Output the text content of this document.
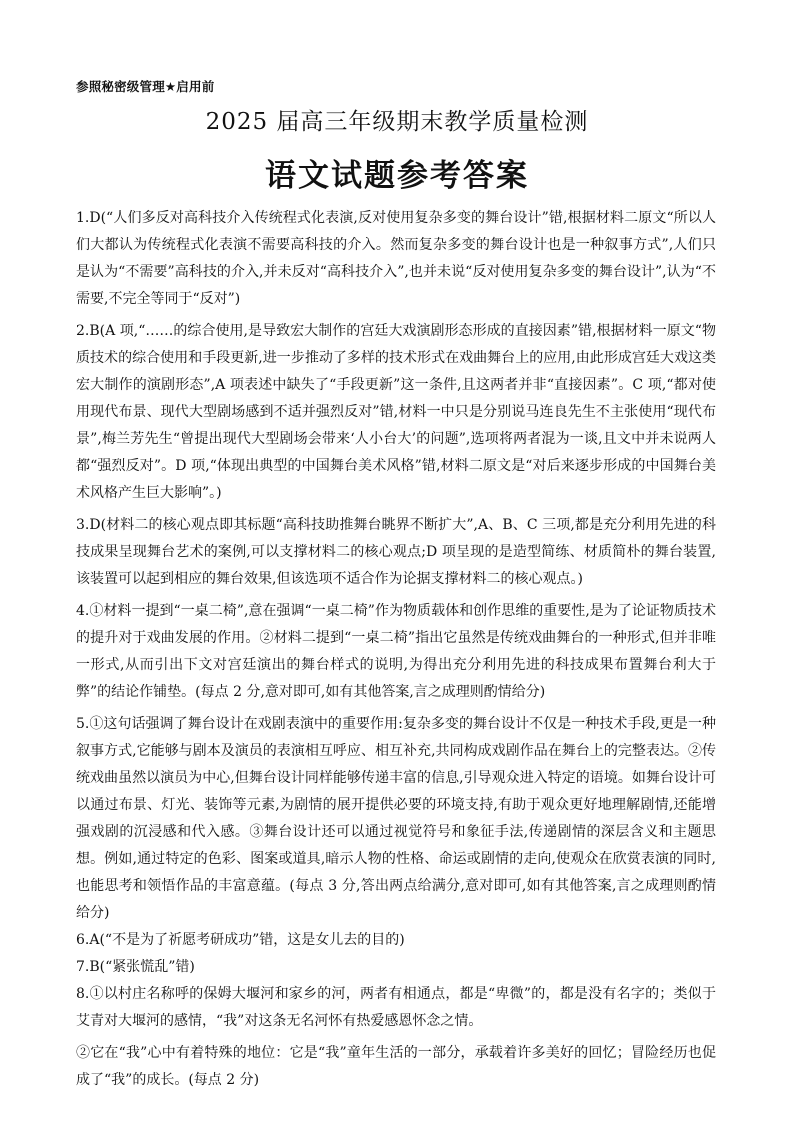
参照秘密级管理★启用前
2025 届高三年级期末教学质量检测
语文试题参考答案

1.D(“人们多反对高科技介入传统程式化表演,反对使用复杂多变的舞台设计”错,根据材料二原文“所以人们大都认为传统程式化表演不需要高科技的介入。然而复杂多变的舞台设计也是一种叙事方式”,人们只是认为“不需要”高科技的介入,并未反对“高科技介入”,也并未说“反对使用复杂多变的舞台设计”,认为“不需要,不完全等同于“反对”)

2.B(A 项,“……的综合使用,是导致宏大制作的宫廷大戏演剧形态形成的直接因素”错,根据材料一原文“物质技术的综合使用和手段更新,进一步推动了多样的技术形式在戏曲舞台上的应用,由此形成宫廷大戏这类宏大制作的演剧形态”,A 项表述中缺失了“手段更新”这一条件,且这两者并非“直接因素”。C 项,“都对使用现代布景、现代大型剧场感到不适并强烈反对”错,材料一中只是分别说马连良先生不主张使用“现代布景”,梅兰芳先生“曾提出现代大型剧场会带来‘人小台大’的问题”,选项将两者混为一谈,且文中并未说两人都“强烈反对”。D 项,“体现出典型的中国舞台美术风格”错,材料二原文是“对后来逐步形成的中国舞台美术风格产生巨大影响”。)

3.D(材料二的核心观点即其标题“高科技助推舞台眺界不断扩大”,A、B、C 三项,都是充分利用先进的科技成果呈现舞台艺术的案例,可以支撑材料二的核心观点;D 项呈现的是造型简练、材质简朴的舞台装置,该装置可以起到相应的舞台效果,但该选项不适合作为论据支撑材料二的核心观点。)

4.①材料一提到“一桌二椅”,意在强调“一桌二椅”作为物质载体和创作思维的重要性,是为了论证物质技术的提升对于戏曲发展的作用。②材料二提到“一桌二椅”指出它虽然是传统戏曲舞台的一种形式,但并非唯一形式,从而引出下文对宫廷演出的舞台样式的说明,为得出充分利用先进的科技成果布置舞台利大于弊”的结论作铺垫。(每点 2 分,意对即可,如有其他答案,言之成理则酌情给分)

5.①这句话强调了舞台设计在戏剧表演中的重要作用:复杂多变的舞台设计不仅是一种技术手段,更是一种叙事方式,它能够与剧本及演员的表演相互呼应、相互补充,共同构成戏剧作品在舞台上的完整表达。②传统戏曲虽然以演员为中心,但舞台设计同样能够传递丰富的信息,引导观众进入特定的语境。如舞台设计可以通过布景、灯光、装饰等元素,为剧情的展开提供必要的环境支持,有助于观众更好地理解剧情,还能增强戏剧的沉浸感和代入感。③舞台设计还可以通过视觉符号和象征手法,传递剧情的深层含义和主题思想。例如,通过特定的色彩、图案或道具,暗示人物的性格、命运或剧情的走向,使观众在欣赏表演的同时,也能思考和领悟作品的丰富意蕴。(每点 3 分,答出两点给满分,意对即可,如有其他答案,言之成理则酌情给分)

6.A(“不是为了祈愿考研成功”错，这是女儿去的目的)

7.B(“紧张慌乱”错)

8.①以村庄名称呼的保姆大堰河和家乡的河，两者有相通点，都是“卑微”的，都是没有名字的；类似于艾青对大堰河的感情，“我”对这条无名河怀有热爱感恩怀念之情。

②它在“我”心中有着特殊的地位：它是“我”童年生活的一部分，承载着许多美好的回忆；冒险经历也促成了“我”的成长。(每点 2 分)
